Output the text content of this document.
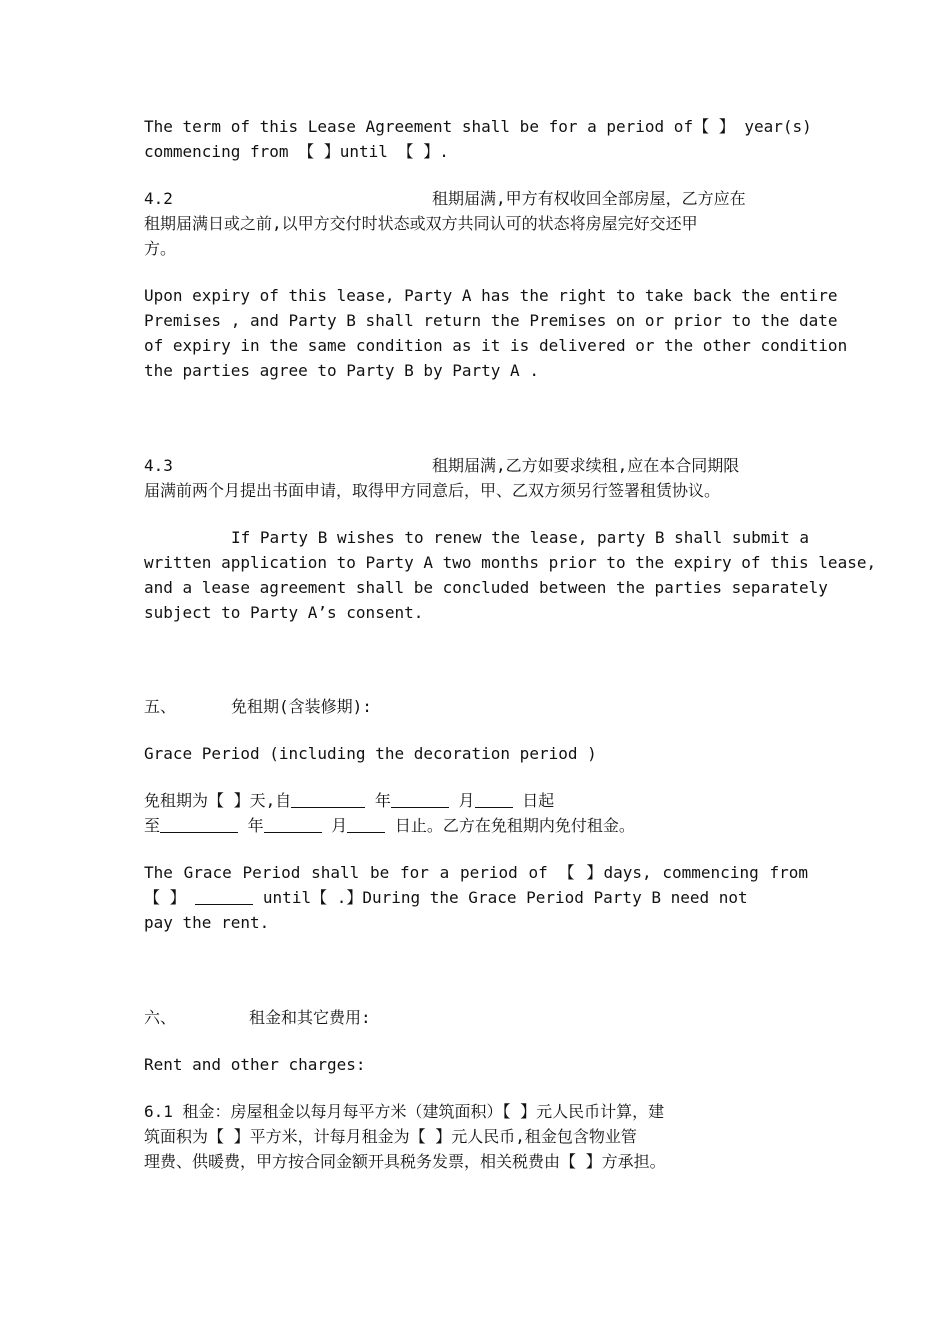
The term of this Lease Agreement shall be for a period of【 】 year(s)
commencing from 【 】until 【 】.
4.2	租期届满,甲方有权收回全部房屋，乙方应在
租期届满日或之前,以甲方交付时状态或双方共同认可的状态将房屋完好交还甲
方。
Upon expiry of this lease, Party A has the right to take back the entire
Premises , and Party B shall return the Premises on or prior to the date
of expiry in the same condition as it is delivered or the other condition
the parties agree to Party B by Party A .
4.3	租期届满,乙方如要求续租,应在本合同期限
届满前两个月提出书面申请，取得甲方同意后，甲、乙双方须另行签署租赁协议。
If Party B wishes to renew the lease, party B shall submit a
written application to Party A two months prior to the expiry of this lease,
and a lease agreement shall be concluded between the parties separately
subject to Party A’s consent.
五、	免租期(含装修期):
Grace Period (including the decoration period )
免租期为【 】天,自	年	月 日起
至	年	月 日止。乙方在免租期内免付租金。
The Grace Period shall be for a period of 【 】days, commencing from
【 】	until【 .】During the Grace Period Party B need not
pay the rent.
六、	租金和其它费用:
Rent and other charges:
6.1 租金：房屋租金以每月每平方米（建筑面积）【 】元人民币计算，建
筑面积为【 】平方米，计每月租金为【 】元人民币,租金包含物业管
理费、供暖费，甲方按合同金额开具税务发票，相关税费由【 】方承担。
